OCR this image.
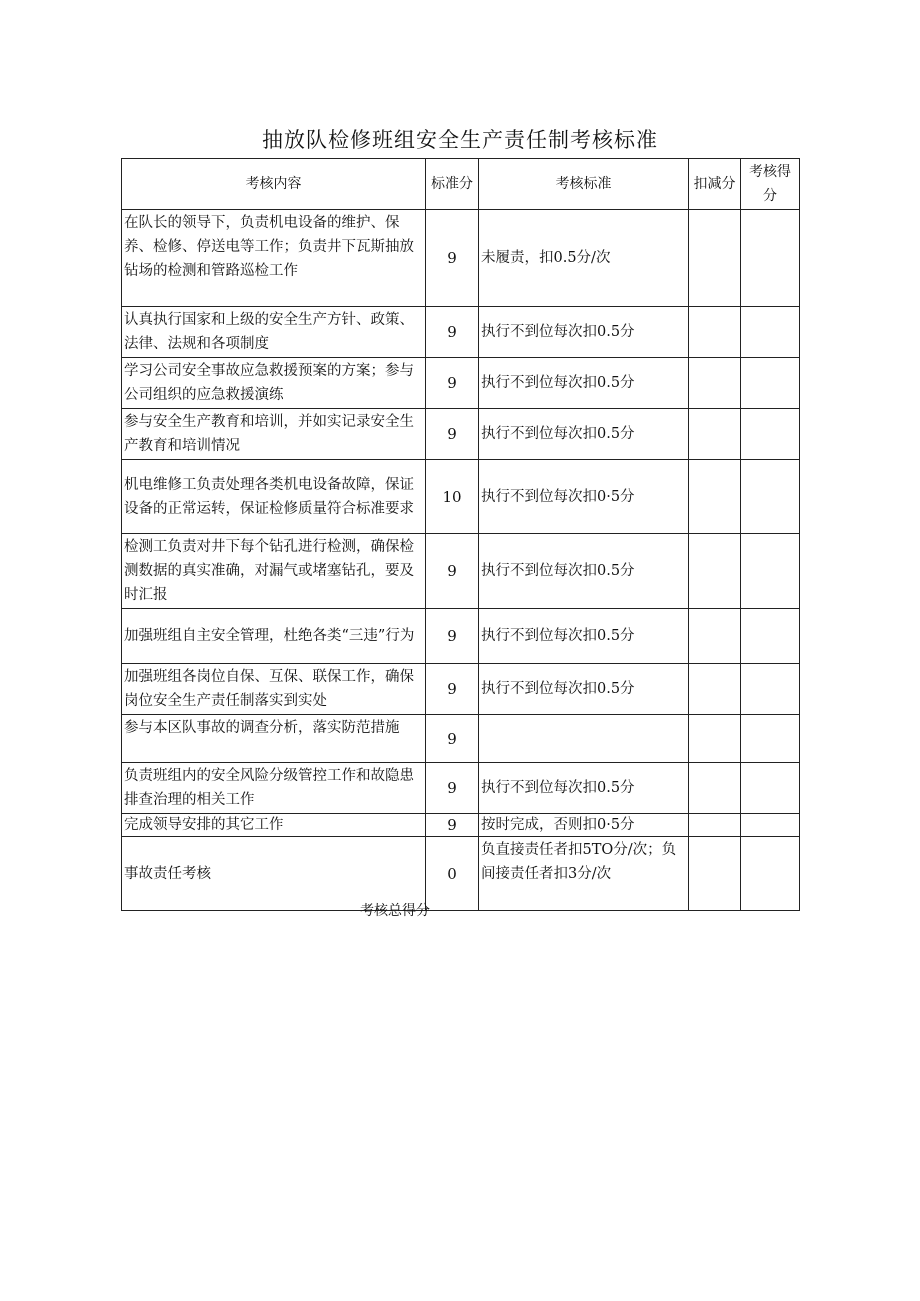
抽放队检修班组安全生产责任制考核标准
考核内容	标准分	考核标准	扣减分	考核得分
在队长的领导下，负责机电设备的维护、保养、检修、停送电等工作；负责井下瓦斯抽放钻场的检测和管路巡检工作	9	未履责，扣0.5分/次		
认真执行国家和上级的安全生产方针、政策、法律、法规和各项制度	9	执行不到位每次扣0.5分		
学习公司安全事故应急救援预案的方案；参与公司组织的应急救援演练	9	执行不到位每次扣0.5分		
参与安全生产教育和培训，并如实记录安全生产教育和培训情况	9	执行不到位每次扣0.5分		
机电维修工负责处理各类机电设备故障，保证设备的正常运转，保证检修质量符合标准要求	10	执行不到位每次扣0·5分		
检测工负责对井下每个钻孔进行检测，确保检测数据的真实准确，对漏气或堵塞钻孔，要及时汇报	9	执行不到位每次扣0.5分		
加强班组自主安全管理，杜绝各类“三违”行为	9	执行不到位每次扣0.5分		
加强班组各岗位自保、互保、联保工作，确保岗位安全生产责任制落实到实处	9	执行不到位每次扣0.5分		
参与本区队事故的调查分析，落实防范措施	9			
负责班组内的安全风险分级管控工作和故隐患排查治理的相关工作	9	执行不到位每次扣0.5分		
完成领导安排的其它工作	9	按时完成，否则扣0·5分		
事故责任考核	0	负直接责任者扣5TO分/次；负间接责任者扣3分/次		
考核总得分
